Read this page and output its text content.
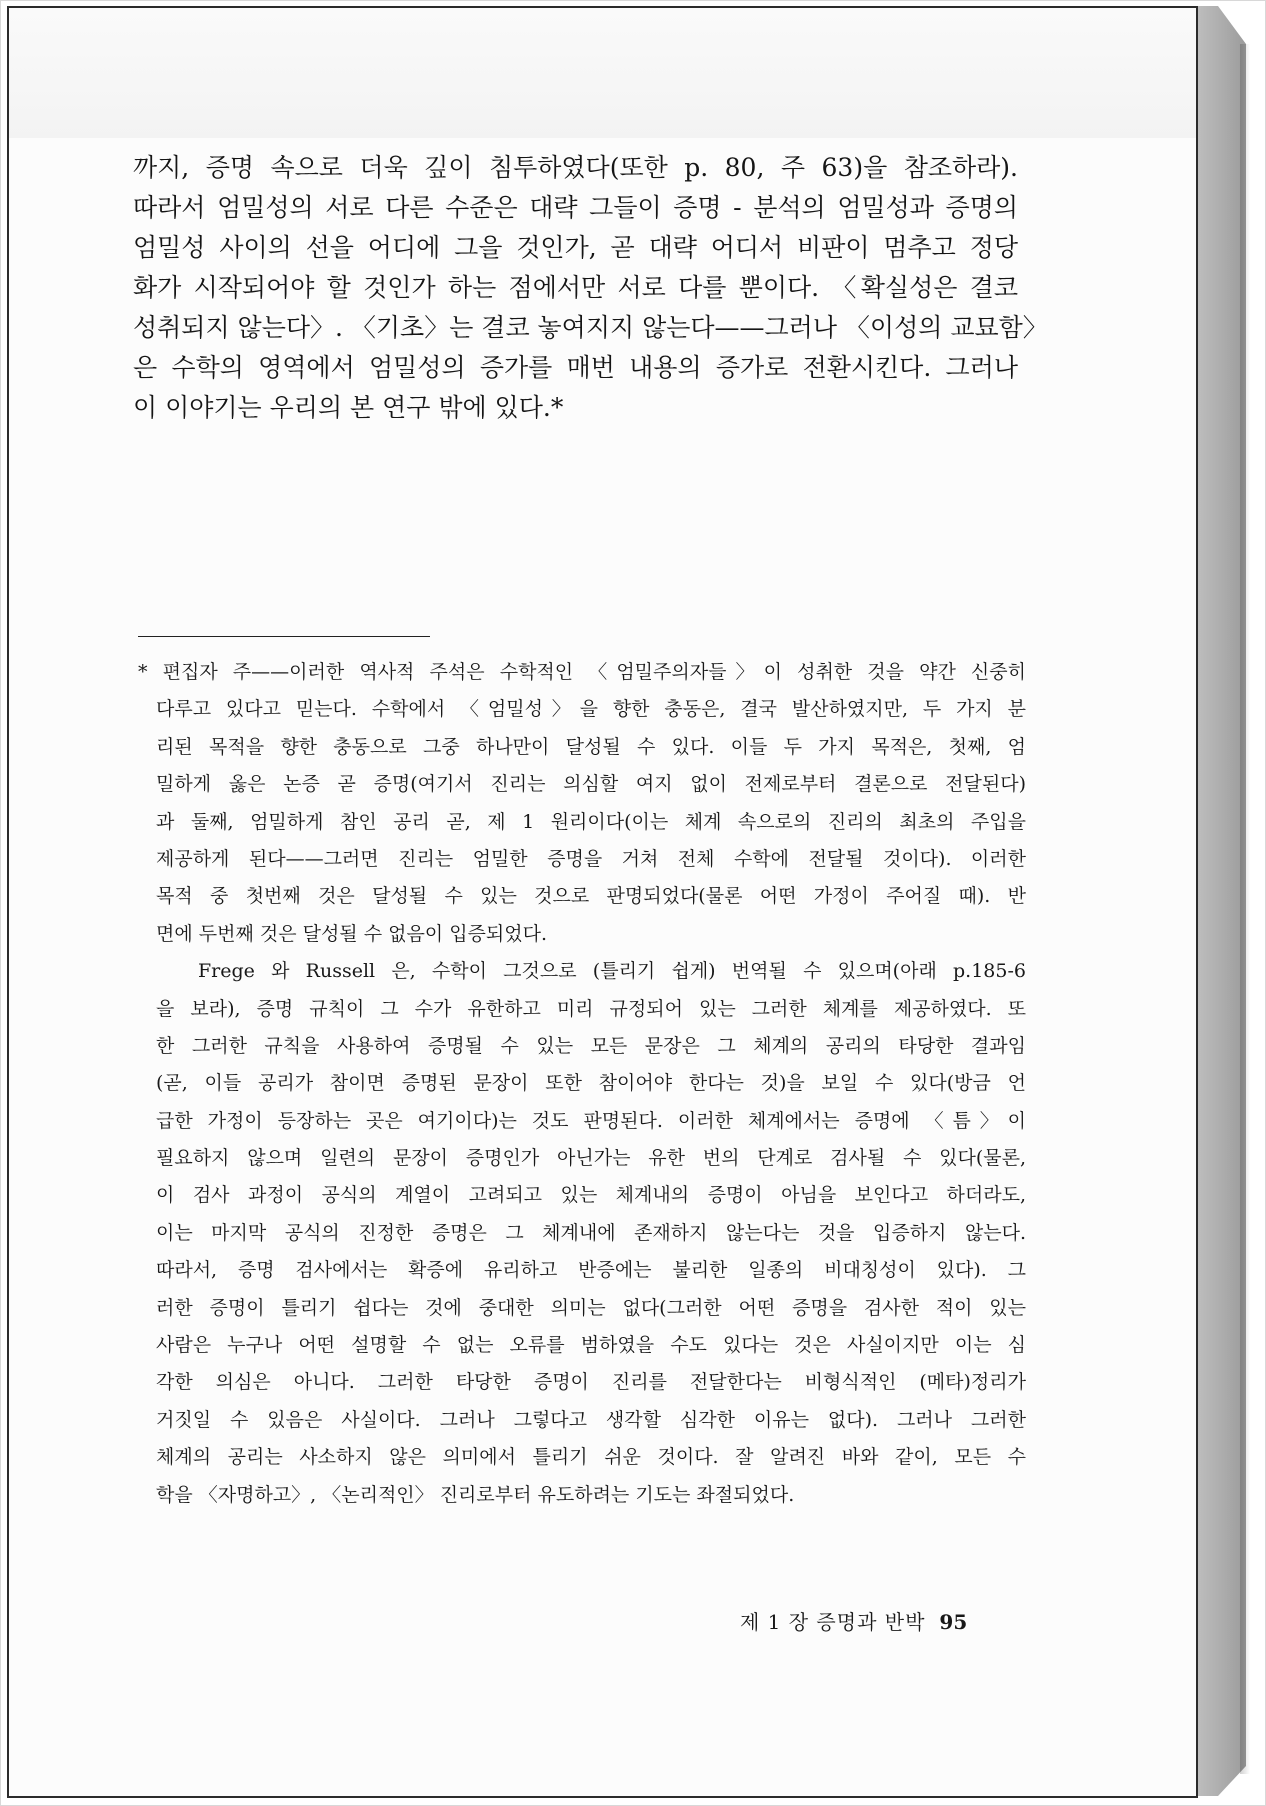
까지, 증명 속으로 더욱 깊이 침투하였다(또한 p. 80, 주 63)을 참조하라).
따라서 엄밀성의 서로 다른 수준은 대략 그들이 증명 - 분석의 엄밀성과 증명의
엄밀성 사이의 선을 어디에 그을 것인가, 곧 대략 어디서 비판이 멈추고 정당
화가 시작되어야 할 것인가 하는 점에서만 서로 다를 뿐이다. 〈확실성은 결코
성취되지 않는다〉. 〈기초〉는 결코 놓여지지 않는다——그러나 〈이성의 교묘함〉
은 수학의 영역에서 엄밀성의 증가를 매번 내용의 증가로 전환시킨다. 그러나
이 이야기는 우리의 본 연구 밖에 있다.*

* 편집자 주——이러한 역사적 주석은 수학적인 〈엄밀주의자들〉이 성취한 것을 약간 신중히
다루고 있다고 믿는다. 수학에서 〈엄밀성〉을 향한 충동은, 결국 발산하였지만, 두 가지 분
리된 목적을 향한 충동으로 그중 하나만이 달성될 수 있다. 이들 두 가지 목적은, 첫째, 엄
밀하게 옳은 논증 곧 증명(여기서 진리는 의심할 여지 없이 전제로부터 결론으로 전달된다)
과 둘째, 엄밀하게 참인 공리 곧, 제 1 원리이다(이는 체계 속으로의 진리의 최초의 주입을
제공하게 된다——그러면 진리는 엄밀한 증명을 거쳐 전체 수학에 전달될 것이다). 이러한
목적 중 첫번째 것은 달성될 수 있는 것으로 판명되었다(물론 어떤 가정이 주어질 때). 반
면에 두번째 것은 달성될 수 없음이 입증되었다.
Frege 와 Russell 은, 수학이 그것으로 (틀리기 쉽게) 번역될 수 있으며(아래 p.185-6
을 보라), 증명 규칙이 그 수가 유한하고 미리 규정되어 있는 그러한 체계를 제공하였다. 또
한 그러한 규칙을 사용하여 증명될 수 있는 모든 문장은 그 체계의 공리의 타당한 결과임
(곧, 이들 공리가 참이면 증명된 문장이 또한 참이어야 한다는 것)을 보일 수 있다(방금 언
급한 가정이 등장하는 곳은 여기이다)는 것도 판명된다. 이러한 체계에서는 증명에 〈틈〉이
필요하지 않으며 일련의 문장이 증명인가 아닌가는 유한 번의 단계로 검사될 수 있다(물론,
이 검사 과정이 공식의 계열이 고려되고 있는 체계내의 증명이 아님을 보인다고 하더라도,
이는 마지막 공식의 진정한 증명은 그 체계내에 존재하지 않는다는 것을 입증하지 않는다.
따라서, 증명 검사에서는 확증에 유리하고 반증에는 불리한 일종의 비대칭성이 있다). 그
러한 증명이 틀리기 쉽다는 것에 중대한 의미는 없다(그러한 어떤 증명을 검사한 적이 있는
사람은 누구나 어떤 설명할 수 없는 오류를 범하였을 수도 있다는 것은 사실이지만 이는 심
각한 의심은 아니다. 그러한 타당한 증명이 진리를 전달한다는 비형식적인 (메타)정리가
거짓일 수 있음은 사실이다. 그러나 그렇다고 생각할 심각한 이유는 없다). 그러나 그러한
체계의 공리는 사소하지 않은 의미에서 틀리기 쉬운 것이다. 잘 알려진 바와 같이, 모든 수
학을 〈자명하고〉, 〈논리적인〉 진리로부터 유도하려는 기도는 좌절되었다.
제 1 장 증명과 반박 95
